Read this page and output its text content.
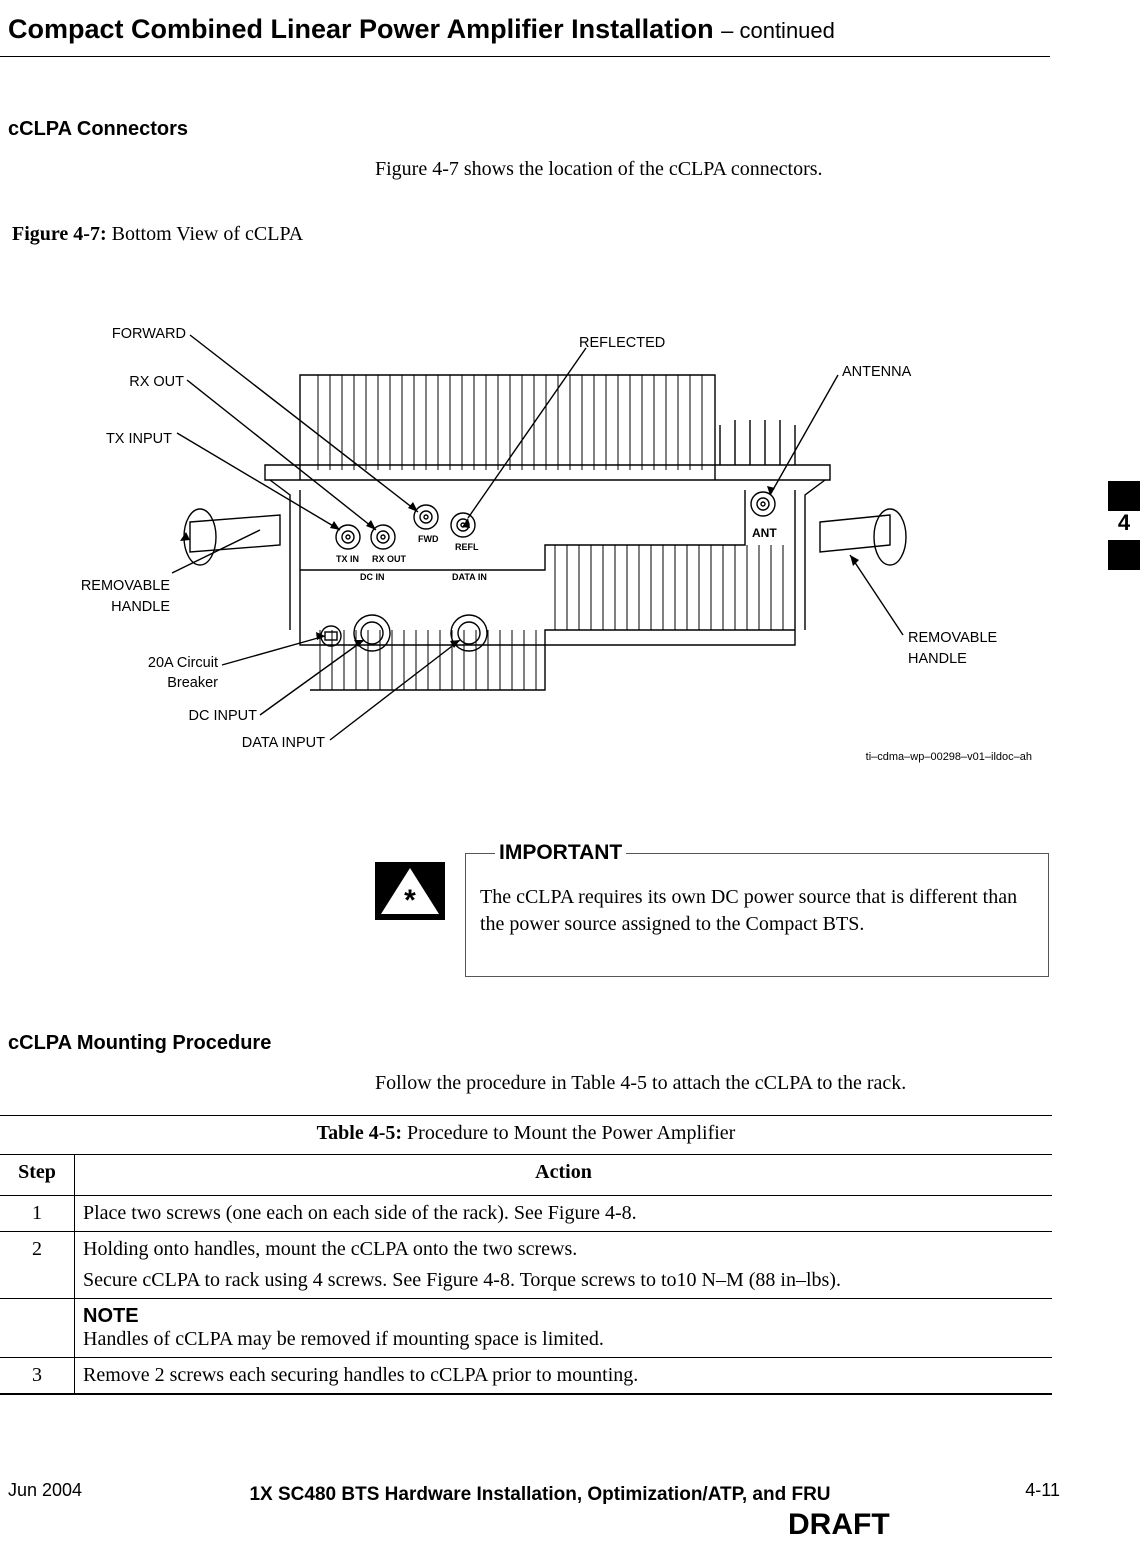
Compact Combined Linear Power Amplifier Installation – continued
cCLPA Connectors
Figure 4-7 shows the location of the cCLPA connectors.
Figure 4-7: Bottom View of cCLPA
TX IN RX OUT
FWD
REFL
ANT
DC IN	DATA IN
FORWARD
RX OUT
TX INPUT
REFLECTED
ANTENNA
REMOVABLE
HANDLE
REMOVABLE
HANDLE
20A Circuit
Breaker
DC INPUT
DATA INPUT
ti–cdma–wp–00298–v01–ildoc–ah
*
IMPORTANT
The cCLPA requires its own DC power source that is different than the power source assigned to the Compact BTS.
cCLPA Mounting Procedure
Follow the procedure in Table 4-5 to attach the cCLPA to the rack.
Table 4-5: Procedure to Mount the Power Amplifier	
Step	Action
1	Place two screws (one each on each side of the rack). See Figure 4-8.
2	Holding onto handles, mount the cCLPA onto the two screws.
Secure cCLPA to rack using 4 screws. See Figure 4-8. Torque screws to to10 N–M (88 in–lbs).

	NOTE
Handles of cCLPA may be removed if mounting space is limited.

3	Remove 2 screws each securing handles to cCLPA prior to mounting.
4
Jun 2004	1X SC480 BTS Hardware Installation, Optimization/ATP, and FRU	4-11
DRAFT
